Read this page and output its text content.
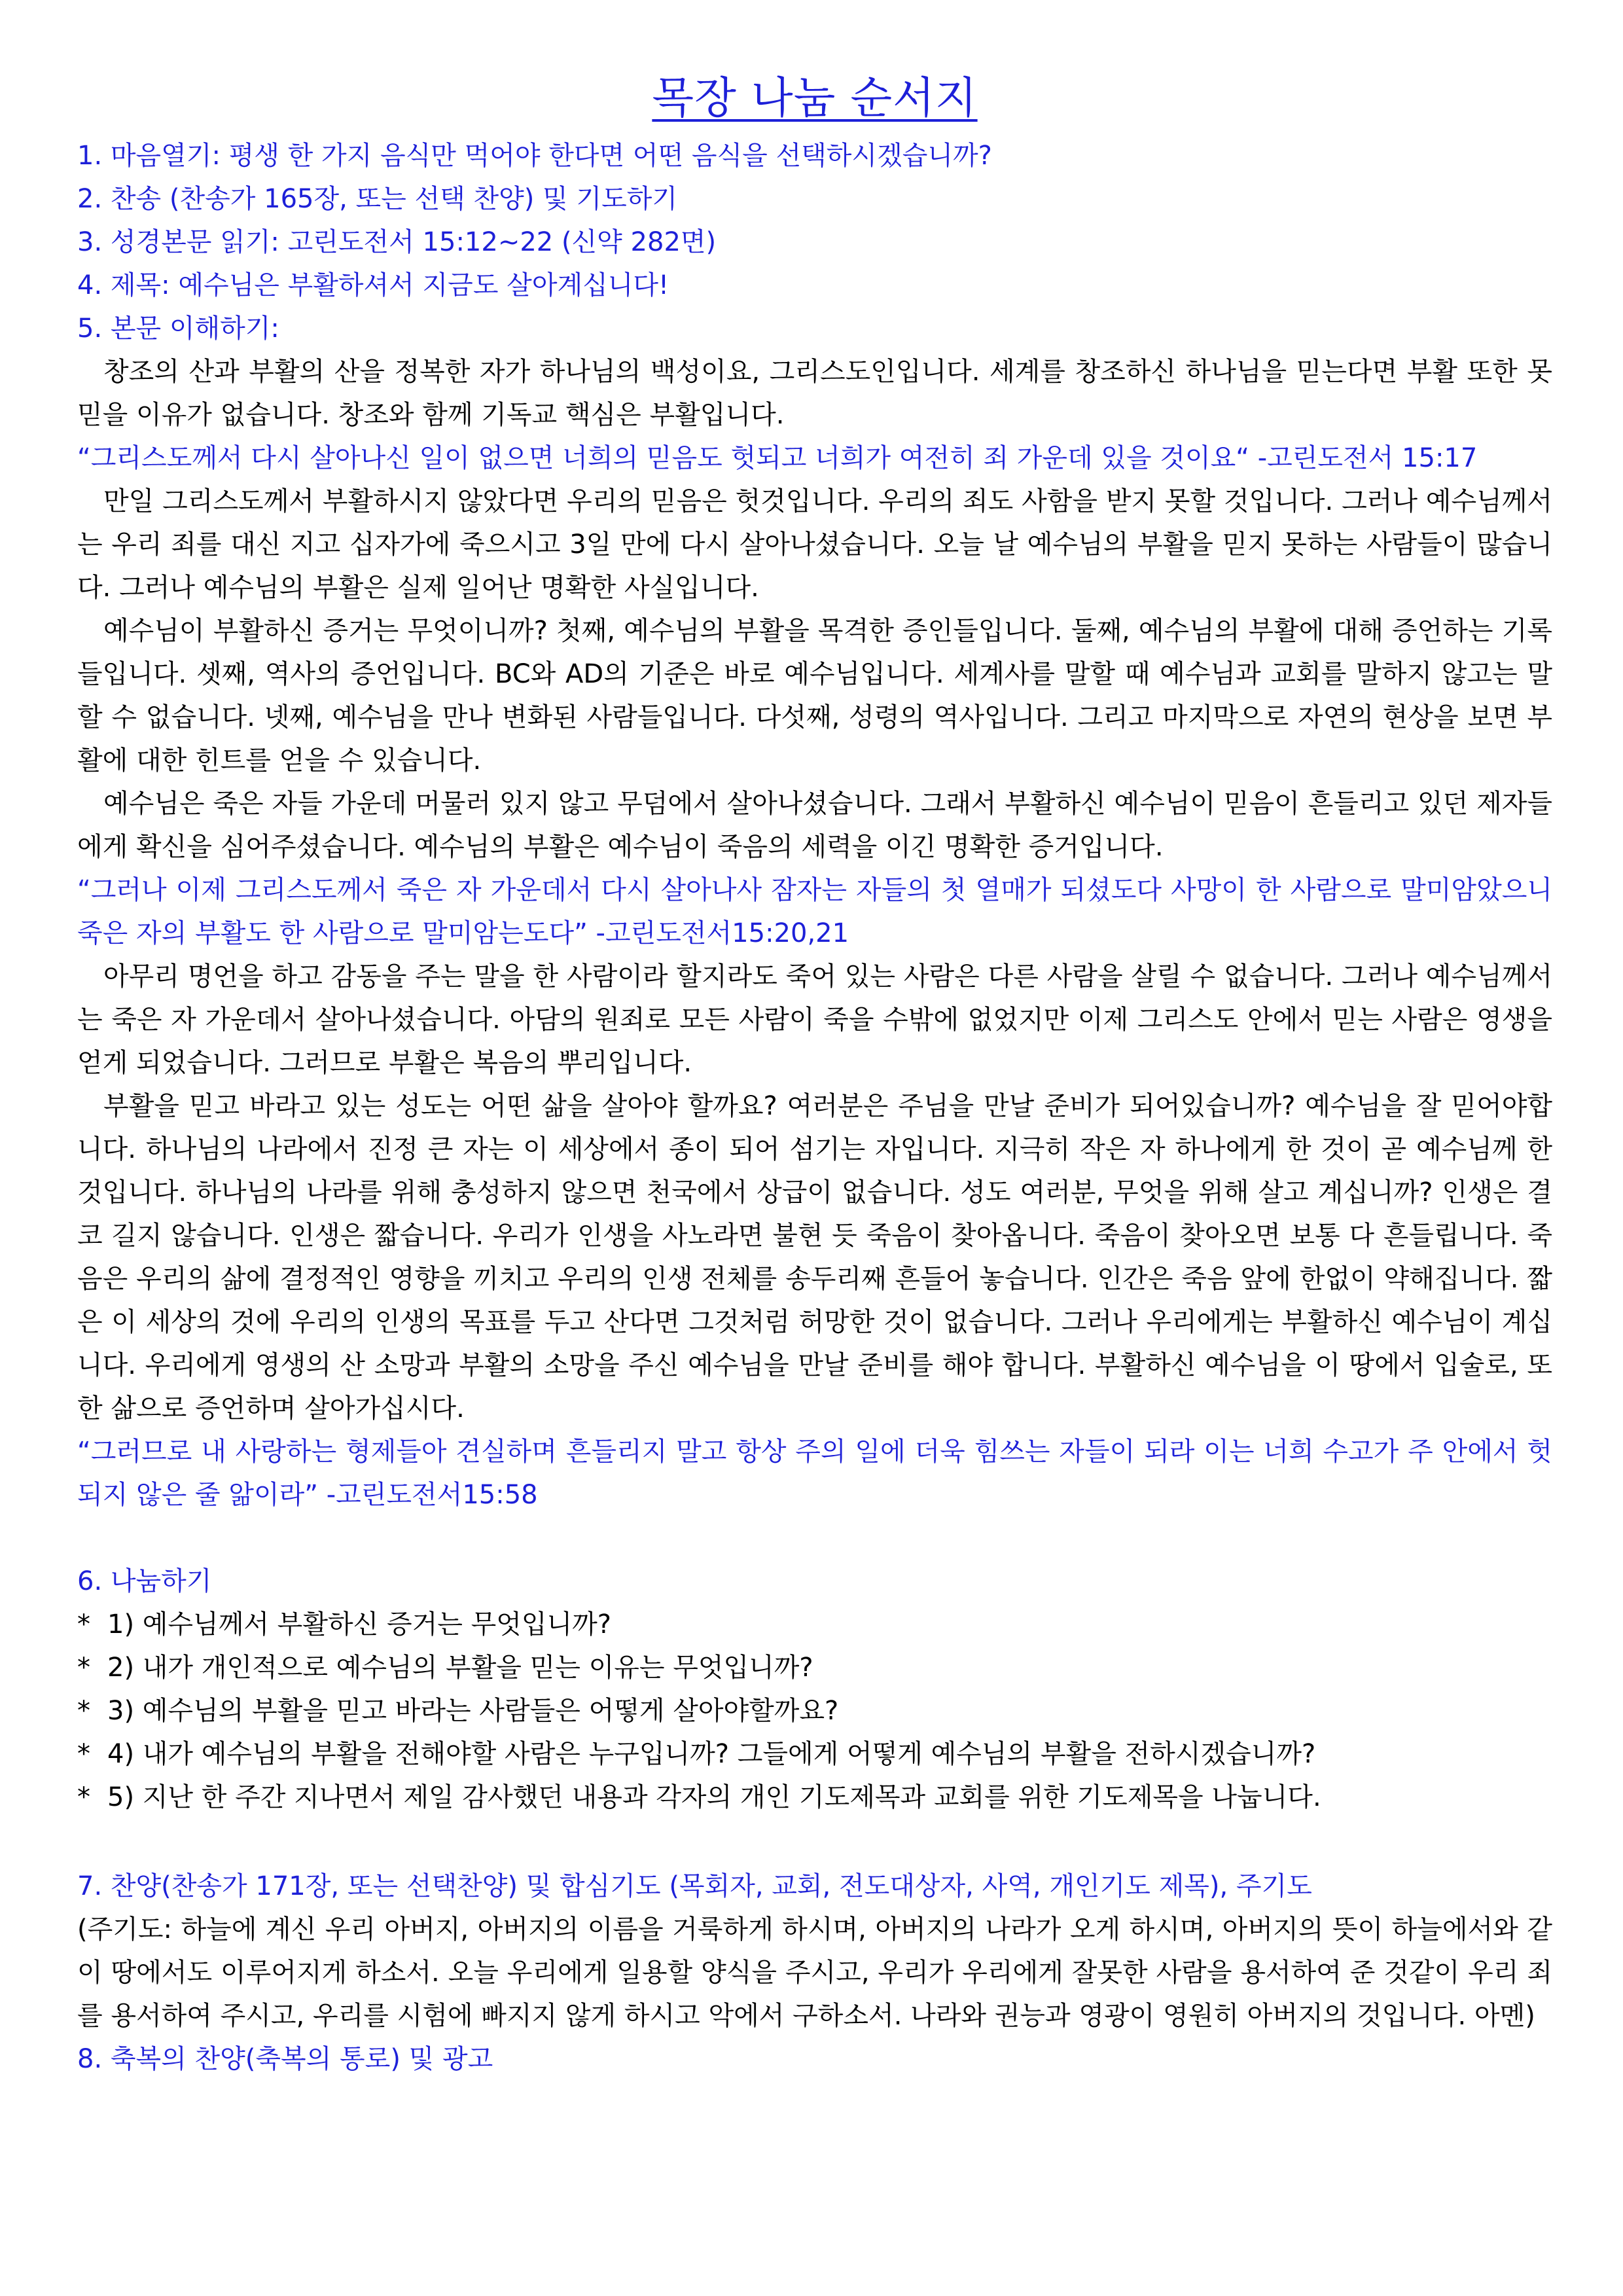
목장 나눔 순서지
1. 마음열기: 평생 한 가지 음식만 먹어야 한다면 어떤 음식을 선택하시겠습니까?
2. 찬송 (찬송가 165장, 또는 선택 찬양) 및 기도하기
3. 성경본문 읽기: 고린도전서 15:12~22 (신약 282면)
4. 제목: 예수님은 부활하셔서 지금도 살아계십니다!
5. 본문 이해하기:

창조의 산과 부활의 산을 정복한 자가 하나님의 백성이요, 그리스도인입니다. 세계를 창조하신 하나님을 믿는다면 부활 또한 못 믿을 이유가 없습니다. 창조와 함께 기독교 핵심은 부활입니다.

“그리스도께서 다시 살아나신 일이 없으면 너희의 믿음도 헛되고 너희가 여전히 죄 가운데 있을 것이요“ -고린도전서 15:17

만일 그리스도께서 부활하시지 않았다면 우리의 믿음은 헛것입니다. 우리의 죄도 사함을 받지 못할 것입니다. 그러나 예수님께서는 우리 죄를 대신 지고 십자가에 죽으시고 3일 만에 다시 살아나셨습니다. 오늘 날 예수님의 부활을 믿지 못하는 사람들이 많습니다. 그러나 예수님의 부활은 실제 일어난 명확한 사실입니다.

예수님이 부활하신 증거는 무엇이니까? 첫째, 예수님의 부활을 목격한 증인들입니다. 둘째, 예수님의 부활에 대해 증언하는 기록들입니다. 셋째, 역사의 증언입니다. BC와 AD의 기준은 바로 예수님입니다. 세계사를 말할 때 예수님과 교회를 말하지 않고는 말할 수 없습니다. 넷째, 예수님을 만나 변화된 사람들입니다. 다섯째, 성령의 역사입니다. 그리고 마지막으로 자연의 현상을 보면 부활에 대한 힌트를 얻을 수 있습니다.

예수님은 죽은 자들 가운데 머물러 있지 않고 무덤에서 살아나셨습니다. 그래서 부활하신 예수님이 믿음이 흔들리고 있던 제자들에게 확신을 심어주셨습니다. 예수님의 부활은 예수님이 죽음의 세력을 이긴 명확한 증거입니다.

“그러나 이제 그리스도께서 죽은 자 가운데서 다시 살아나사 잠자는 자들의 첫 열매가 되셨도다 사망이 한 사람으로 말미암았으니 죽은 자의 부활도 한 사람으로 말미암는도다” -고린도전서15:20,21

아무리 명언을 하고 감동을 주는 말을 한 사람이라 할지라도 죽어 있는 사람은 다른 사람을 살릴 수 없습니다. 그러나 예수님께서는 죽은 자 가운데서 살아나셨습니다. 아담의 원죄로 모든 사람이 죽을 수밖에 없었지만 이제 그리스도 안에서 믿는 사람은 영생을 얻게 되었습니다. 그러므로 부활은 복음의 뿌리입니다.

부활을 믿고 바라고 있는 성도는 어떤 삶을 살아야 할까요? 여러분은 주님을 만날 준비가 되어있습니까? 예수님을 잘 믿어야합니다. 하나님의 나라에서 진정 큰 자는 이 세상에서 종이 되어 섬기는 자입니다. 지극히 작은 자 하나에게 한 것이 곧 예수님께 한 것입니다. 하나님의 나라를 위해 충성하지 않으면 천국에서 상급이 없습니다. 성도 여러분, 무엇을 위해 살고 계십니까? 인생은 결코 길지 않습니다. 인생은 짧습니다. 우리가 인생을 사노라면 불현 듯 죽음이 찾아옵니다. 죽음이 찾아오면 보통 다 흔들립니다. 죽음은 우리의 삶에 결정적인 영향을 끼치고 우리의 인생 전체를 송두리째 흔들어 놓습니다. 인간은 죽음 앞에 한없이 약해집니다. 짧은 이 세상의 것에 우리의 인생의 목표를 두고 산다면 그것처럼 허망한 것이 없습니다. 그러나 우리에게는 부활하신 예수님이 계십니다. 우리에게 영생의 산 소망과 부활의 소망을 주신 예수님을 만날 준비를 해야 합니다. 부활하신 예수님을 이 땅에서 입술로, 또한 삶으로 증언하며 살아가십시다.

“그러므로 내 사랑하는 형제들아 견실하며 흔들리지 말고 항상 주의 일에 더욱 힘쓰는 자들이 되라 이는 너희 수고가 주 안에서 헛되지 않은 줄 앎이라” -고린도전서15:58

6. 나눔하기
* 1) 예수님께서 부활하신 증거는 무엇입니까?
* 2) 내가 개인적으로 예수님의 부활을 믿는 이유는 무엇입니까?
* 3) 예수님의 부활을 믿고 바라는 사람들은 어떻게 살아야할까요?
* 4) 내가 예수님의 부활을 전해야할 사람은 누구입니까? 그들에게 어떻게 예수님의 부활을 전하시겠습니까?
* 5) 지난 한 주간 지나면서 제일 감사했던 내용과 각자의 개인 기도제목과 교회를 위한 기도제목을 나눕니다.
7. 찬양(찬송가 171장, 또는 선택찬양) 및 합심기도 (목회자, 교회, 전도대상자, 사역, 개인기도 제목), 주기도

(주기도: 하늘에 계신 우리 아버지, 아버지의 이름을 거룩하게 하시며, 아버지의 나라가 오게 하시며, 아버지의 뜻이 하늘에서와 같이 땅에서도 이루어지게 하소서. 오늘 우리에게 일용할 양식을 주시고, 우리가 우리에게 잘못한 사람을 용서하여 준 것같이 우리 죄를 용서하여 주시고, 우리를 시험에 빠지지 않게 하시고 악에서 구하소서. 나라와 권능과 영광이 영원히 아버지의 것입니다. 아멘)

8. 축복의 찬양(축복의 통로) 및 광고
